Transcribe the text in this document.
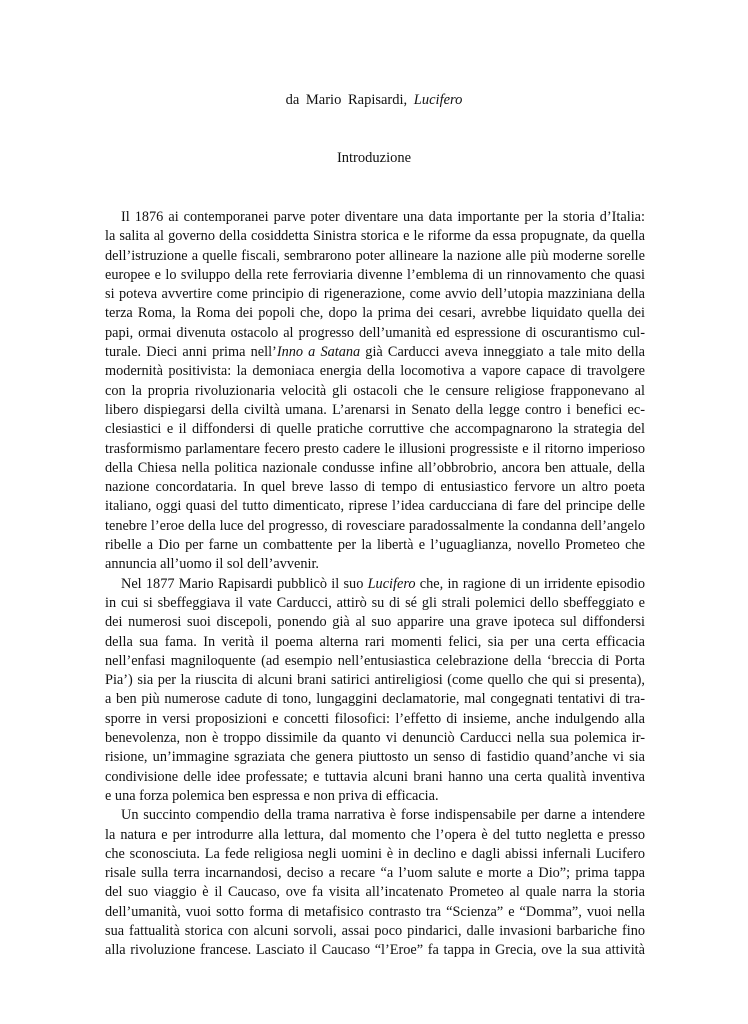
da Mario Rapisardi, Lucifero
Introduzione
Il 1876 ai contemporanei parve poter diventare una data importante per la storia d’Italia:
la salita al governo della cosiddetta Sinistra storica e le riforme da essa propugnate, da quella
dell’istruzione a quelle fiscali, sembrarono poter allineare la nazione alle più moderne sorelle
europee e lo sviluppo della rete ferroviaria divenne l’emblema di un rinnovamento che quasi
si poteva avvertire come principio di rigenerazione, come avvio dell’utopia mazziniana della
terza Roma, la Roma dei popoli che, dopo la prima dei cesari, avrebbe liquidato quella dei
papi, ormai divenuta ostacolo al progresso dell’umanità ed espressione di oscurantismo cul-
turale. Dieci anni prima nell’Inno a Satana già Carducci aveva inneggiato a tale mito della
modernità positivista: la demoniaca energia della locomotiva a vapore capace di travolgere
con la propria rivoluzionaria velocità gli ostacoli che le censure religiose frapponevano al
libero dispiegarsi della civiltà umana. L’arenarsi in Senato della legge contro i benefici ec-
clesiastici e il diffondersi di quelle pratiche corruttive che accompagnarono la strategia del
trasformismo parlamentare fecero presto cadere le illusioni progressiste e il ritorno imperioso
della Chiesa nella politica nazionale condusse infine all’obbrobrio, ancora ben attuale, della
nazione concordataria. In quel breve lasso di tempo di entusiastico fervore un altro poeta
italiano, oggi quasi del tutto dimenticato, riprese l’idea carducciana di fare del principe delle
tenebre l’eroe della luce del progresso, di rovesciare paradossalmente la condanna dell’angelo
ribelle a Dio per farne un combattente per la libertà e l’uguaglianza, novello Prometeo che
annuncia all’uomo il sol dell’avvenir.
Nel 1877 Mario Rapisardi pubblicò il suo Lucifero che, in ragione di un irridente episodio
in cui si sbeffeggiava il vate Carducci, attirò su di sé gli strali polemici dello sbeffeggiato e
dei numerosi suoi discepoli, ponendo già al suo apparire una grave ipoteca sul diffondersi
della sua fama. In verità il poema alterna rari momenti felici, sia per una certa efficacia
nell’enfasi magniloquente (ad esempio nell’entusiastica celebrazione della ‘breccia di Porta
Pia’) sia per la riuscita di alcuni brani satirici antireligiosi (come quello che qui si presenta),
a ben più numerose cadute di tono, lungaggini declamatorie, mal congegnati tentativi di tra-
sporre in versi proposizioni e concetti filosofici: l’effetto di insieme, anche indulgendo alla
benevolenza, non è troppo dissimile da quanto vi denunciò Carducci nella sua polemica ir-
risione, un’immagine sgraziata che genera piuttosto un senso di fastidio quand’anche vi sia
condivisione delle idee professate; e tuttavia alcuni brani hanno una certa qualità inventiva
e una forza polemica ben espressa e non priva di efficacia.
Un succinto compendio della trama narrativa è forse indispensabile per darne a intendere
la natura e per introdurre alla lettura, dal momento che l’opera è del tutto negletta e presso
che sconosciuta. La fede religiosa negli uomini è in declino e dagli abissi infernali Lucifero
risale sulla terra incarnandosi, deciso a recare “a l’uom salute e morte a Dio”; prima tappa
del suo viaggio è il Caucaso, ove fa visita all’incatenato Prometeo al quale narra la storia
dell’umanità, vuoi sotto forma di metafisico contrasto tra “Scienza” e “Domma”, vuoi nella
sua fattualità storica con alcuni sorvoli, assai poco pindarici, dalle invasioni barbariche fino
alla rivoluzione francese. Lasciato il Caucaso “l’Eroe” fa tappa in Grecia, ove la sua attività
